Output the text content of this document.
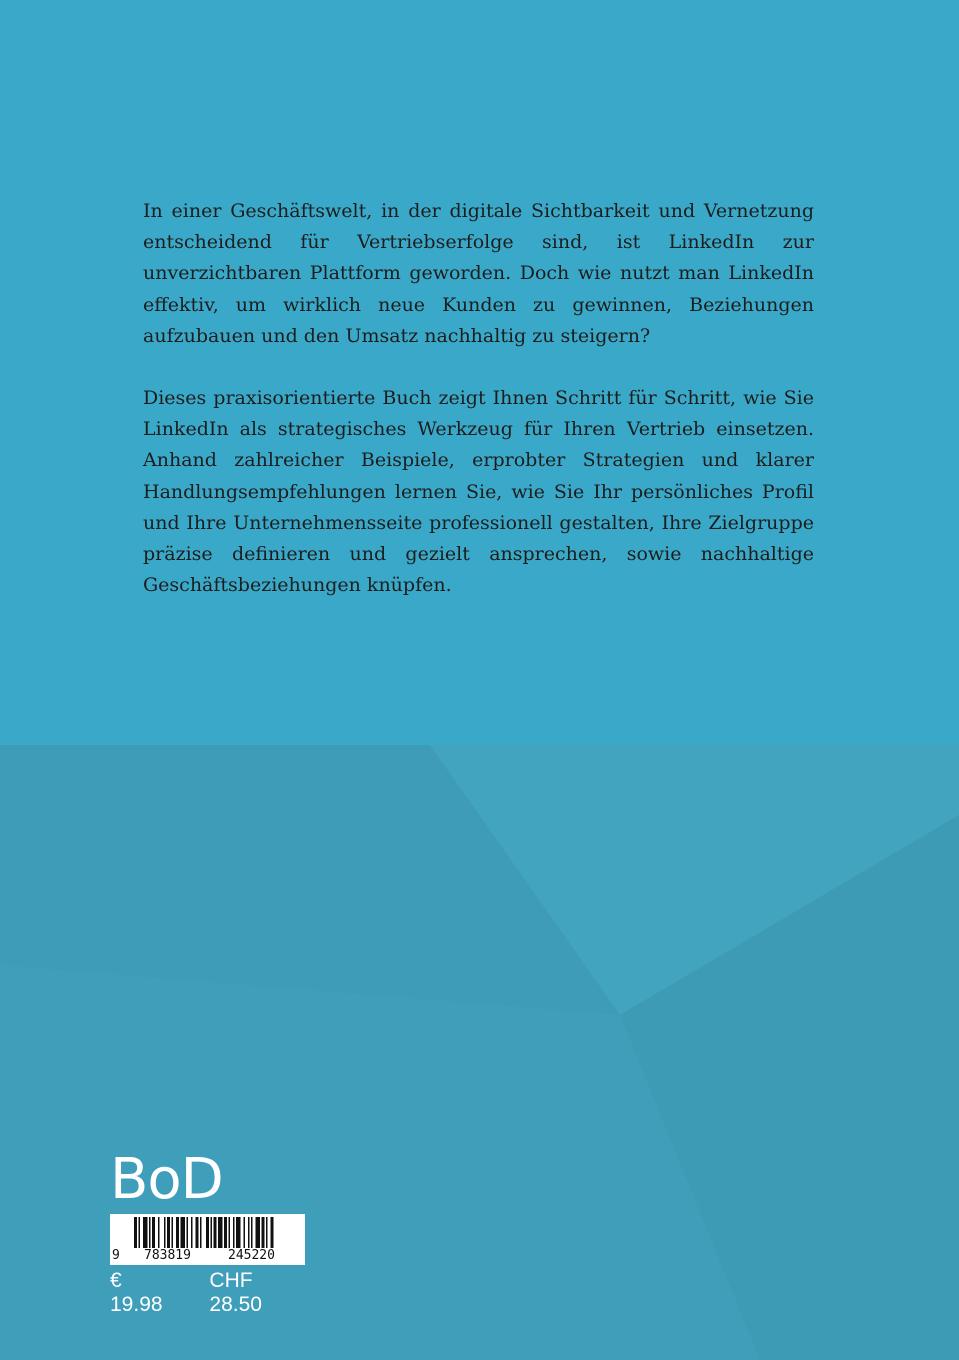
In einer Geschäftswelt, in der digitale Sichtbarkeit und Vernetzung entscheidend für Vertriebserfolge sind, ist LinkedIn zur unverzichtbaren Plattform geworden. Doch wie nutzt man LinkedIn effektiv, um wirklich neue Kunden zu gewinnen, Beziehungen aufzubauen und den Umsatz nachhaltig zu steigern?

Dieses praxisorientierte Buch zeigt Ihnen Schritt für Schritt, wie Sie LinkedIn als strategisches Werkzeug für Ihren Vertrieb einsetzen. Anhand zahlreicher Beispiele, erprobter Strategien und klarer Handlungsempfehlungen lernen Sie, wie Sie Ihr persönliches Profil und Ihre Unternehmensseite professionell gestalten, Ihre Zielgruppe präzise definieren und gezielt ansprechen, sowie nachhaltige Geschäftsbeziehungen knüpfen.

BoD
9	783819	245220
€ 19.98
CHF 28.50
